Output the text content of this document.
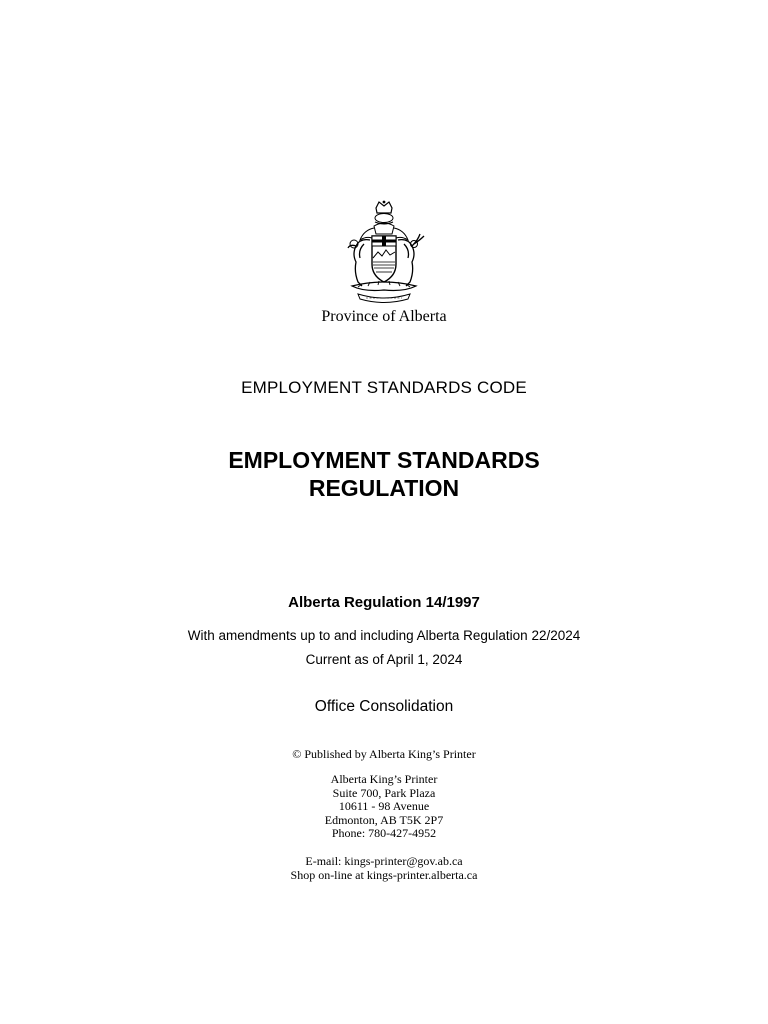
Province of Alberta
EMPLOYMENT STANDARDS CODE
EMPLOYMENT STANDARDS
REGULATION
Alberta Regulation 14/1997
With amendments up to and including Alberta Regulation 22/2024
Current as of April 1, 2024
Office Consolidation
© Published by Alberta King’s Printer
Alberta King’s Printer
Suite 700, Park Plaza
10611 - 98 Avenue
Edmonton, AB T5K 2P7
Phone: 780-427-4952
E-mail: kings-printer@gov.ab.ca
Shop on-line at kings-printer.alberta.ca
